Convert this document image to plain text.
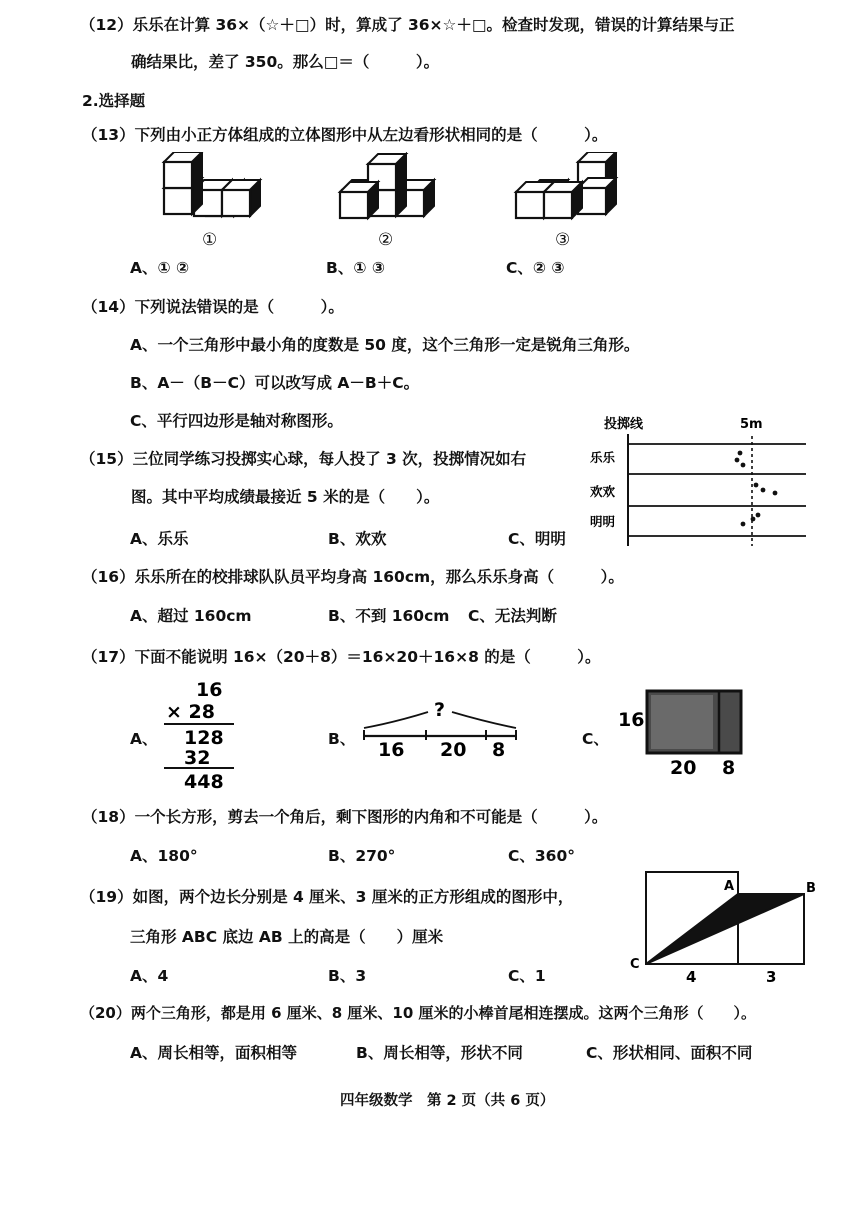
（12）乐乐在计算 36×（☆＋□）时，算成了 36×☆＋□。检查时发现，错误的计算结果与正
确结果比，差了 350。那么□＝（　　　）。
2.选择题
（13）下列由小正方体组成的立体图形中从左边看形状相同的是（　　　）。
①	②	③
A、① ②	B、① ③	C、② ③
（14）下列说法错误的是（　　　）。
A、一个三角形中最小角的度数是 50 度，这个三角形一定是锐角三角形。
B、A－（B－C）可以改写成 A－B＋C。
C、平行四边形是轴对称图形。	投掷线	5m
乐乐
欢欢
明明
（15）三位同学练习投掷实心球，每人投了 3 次，投掷情况如右
图。其中平均成绩最接近 5 米的是（　　）。
A、乐乐	B、欢欢	C、明明
（16）乐乐所在的校排球队队员平均身高 160cm，那么乐乐身高（　　　）。
A、超过 160cm	B、不到 160cm C、无法判断
（17）下面不能说明 16×（20＋8）＝16×20＋16×8 的是（　　　）。
A、
16
× 28
128
32
448
B、
?
16 20 8	C、
16
20 8
（18）一个长方形，剪去一个角后，剩下图形的内角和不可能是（　　　）。
A、180°	B、270°	C、360°
A	B
C
4	3
（19）如图，两个边长分别是 4 厘米、3 厘米的正方形组成的图形中，
三角形 ABC 底边 AB 上的高是（　　）厘米
A、4	B、3	C、1
（20）两个三角形，都是用 6 厘米、8 厘米、10 厘米的小棒首尾相连摆成。这两个三角形（　　）。
A、周长相等，面积相等	B、周长相等，形状不同	C、形状相同、面积不同
四年级数学　第 2 页（共 6 页）
